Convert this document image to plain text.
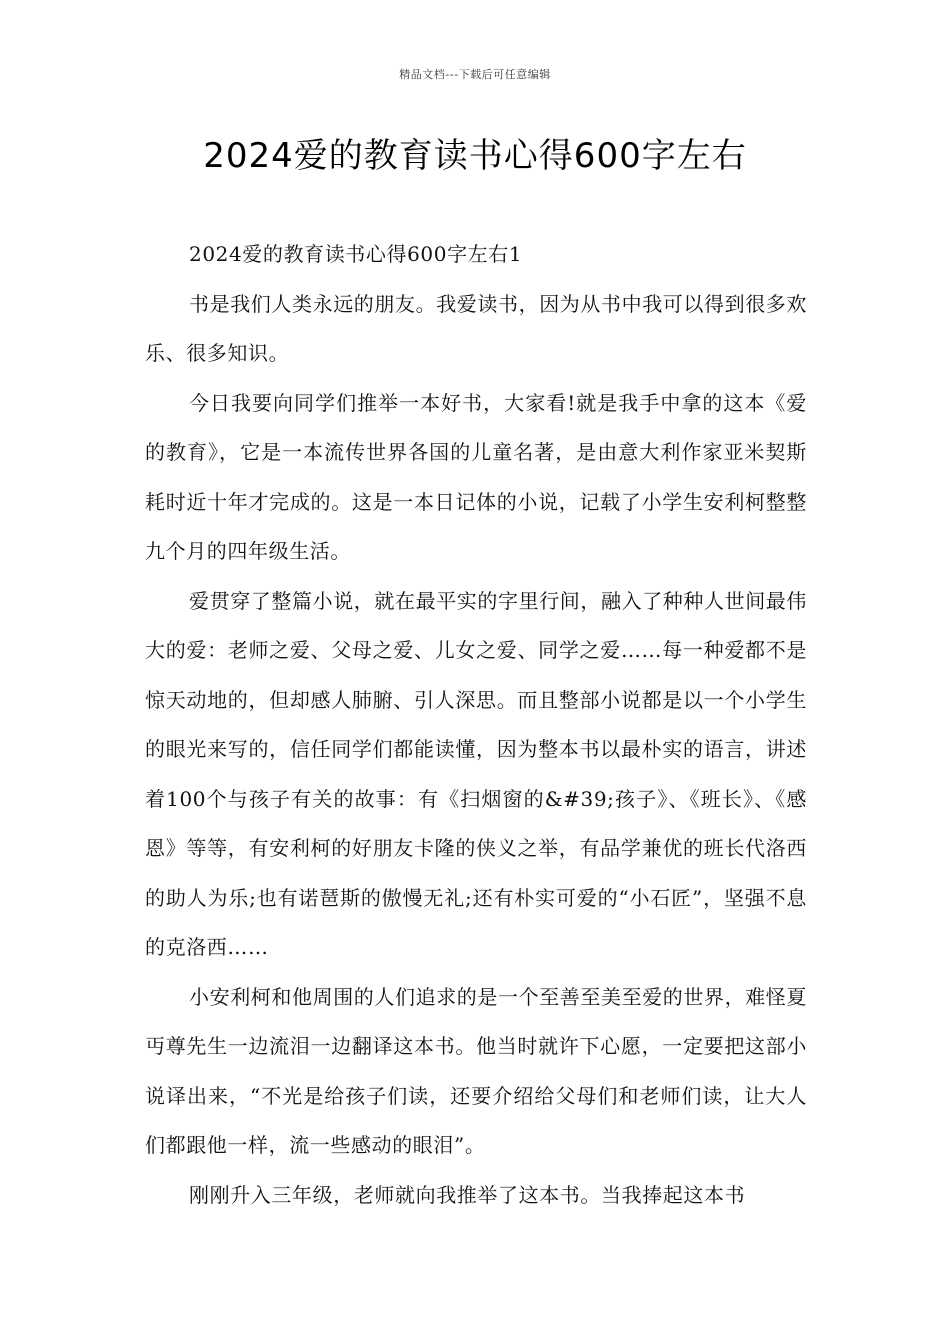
精品文档---下载后可任意编辑
2024爱的教育读书心得600字左右

2024爱的教育读书心得600字左右1

书是我们人类永远的朋友。我爱读书，因为从书中我可以得到很多欢乐、很多知识。

今日我要向同学们推举一本好书，大家看!就是我手中拿的这本《爱的教育》，它是一本流传世界各国的儿童名著，是由意大利作家亚米契斯耗时近十年才完成的。这是一本日记体的小说，记载了小学生安利柯整整九个月的四年级生活。

爱贯穿了整篇小说，就在最平实的字里行间，融入了种种人世间最伟大的爱：老师之爱、父母之爱、儿女之爱、同学之爱……每一种爱都不是惊天动地的，但却感人肺腑、引人深思。而且整部小说都是以一个小学生的眼光来写的，信任同学们都能读懂，因为整本书以最朴实的语言，讲述着100个与孩子有关的故事：有《扫烟窗的&#39;孩子》、《班长》、《感恩》等等，有安利柯的好朋友卡隆的侠义之举，有品学兼优的班长代洛西的助人为乐;也有诺琶斯的傲慢无礼;还有朴实可爱的“小石匠”，坚强不息的克洛西……

小安利柯和他周围的人们追求的是一个至善至美至爱的世界，难怪夏丏尊先生一边流泪一边翻译这本书。他当时就许下心愿，一定要把这部小说译出来，“不光是给孩子们读，还要介绍给父母们和老师们读，让大人们都跟他一样，流一些感动的眼泪”。

刚刚升入三年级，老师就向我推举了这本书。当我捧起这本书
